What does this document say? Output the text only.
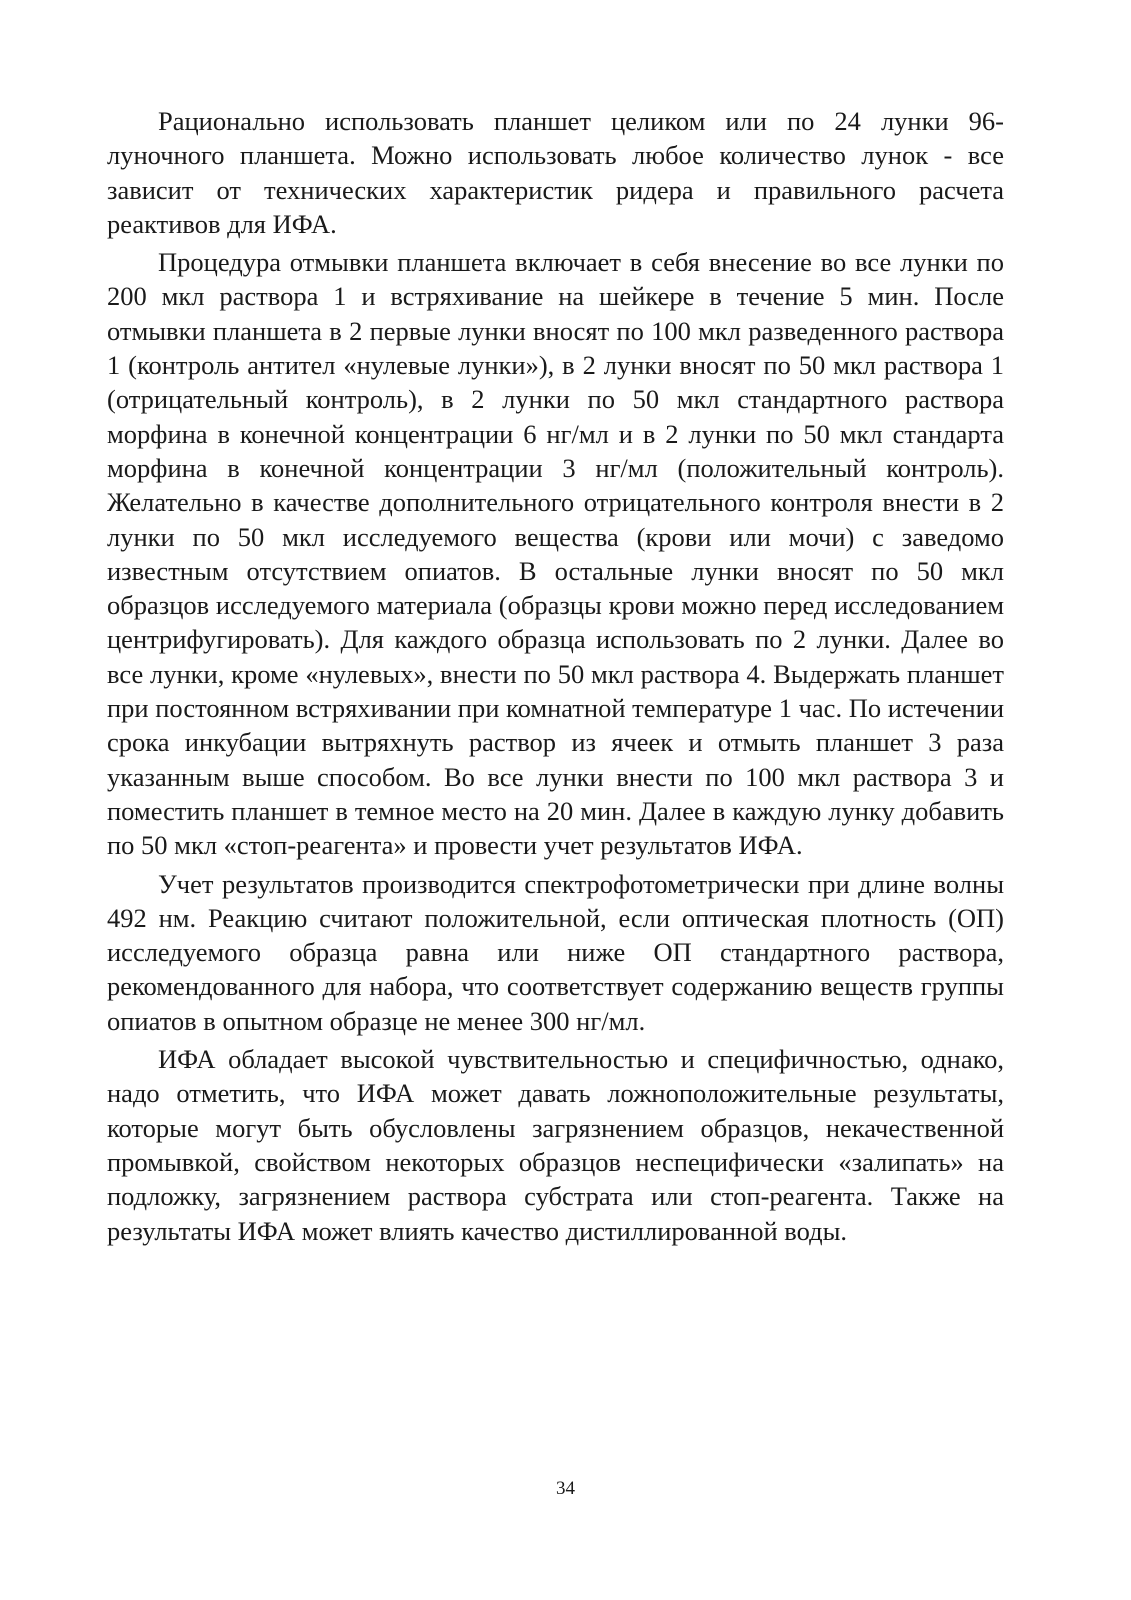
Рационально использовать планшет целиком или по 24 лунки 96-луночного планшета. Можно использовать любое количество лунок - все зависит от технических характеристик ридера и правильного расчета реактивов для ИФА.

Процедура отмывки планшета включает в себя внесение во все лунки по 200 мкл раствора 1 и встряхивание на шейкере в течение 5 мин. После отмывки планшета в 2 первые лунки вносят по 100 мкл разведенного раствора 1 (контроль антител «нулевые лунки»), в 2 лунки вносят по 50 мкл раствора 1 (отрицательный контроль), в 2 лунки по 50 мкл стандартного раствора морфина в конечной концентрации 6 нг/мл и в 2 лунки по 50 мкл стандарта морфина в конечной концентрации 3 нг/мл (положительный контроль). Желательно в качестве дополнительного отрицательного контроля внести в 2 лунки по 50 мкл исследуемого вещества (крови или мочи) с заведомо известным отсутствием опиатов. В остальные лунки вносят по 50 мкл образцов исследуемого материала (образцы крови можно перед исследованием центрифугировать). Для каждого образца использовать по 2 лунки. Далее во все лунки, кроме «нулевых», внести по 50 мкл раствора 4. Выдержать планшет при постоянном встряхивании при комнатной температуре 1 час. По истечении срока инкубации вытряхнуть раствор из ячеек и отмыть планшет 3 раза указанным выше способом. Во все лунки внести по 100 мкл раствора 3 и поместить планшет в темное место на 20 мин. Далее в каждую лунку добавить по 50 мкл «стоп-реагента» и провести учет результатов ИФА.

Учет результатов производится спектрофотометрически при длине волны 492 нм. Реакцию считают положительной, если оптическая плотность (ОП) исследуемого образца равна или ниже ОП стандартного раствора, рекомендованного для набора, что соответствует содержанию веществ группы опиатов в опытном образце не менее 300 нг/мл.

ИФА обладает высокой чувствительностью и специфичностью, однако, надо отметить, что ИФА может давать ложноположительные результаты, которые могут быть обусловлены загрязнением образцов, некачественной промывкой, свойством некоторых образцов неспецифически «залипать» на подложку, загрязнением раствора субстрата или стоп-реагента. Также на результаты ИФА может влиять качество дистиллированной воды.

34
